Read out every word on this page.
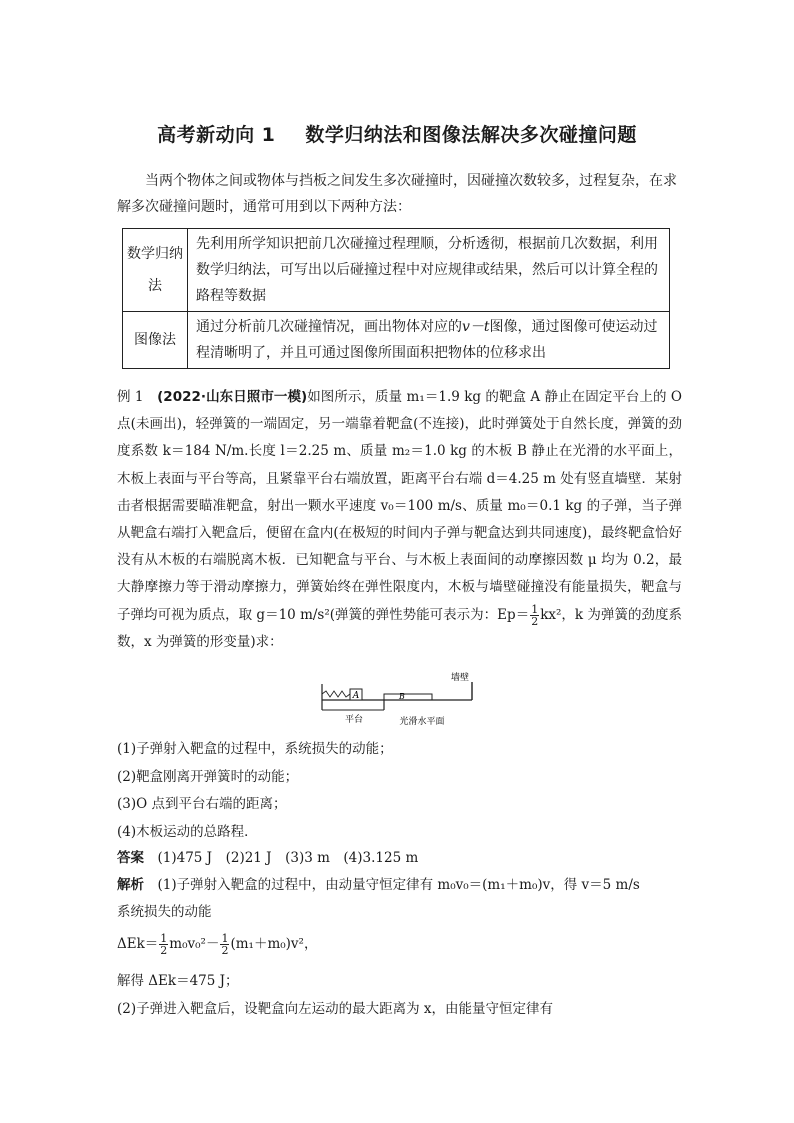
高考新动向 1 数学归纳法和图像法解决多次碰撞问题
当两个物体之间或物体与挡板之间发生多次碰撞时，因碰撞次数较多，过程复杂，在求解多次碰撞问题时，通常可用到以下两种方法：
数学归纳法	先利用所学知识把前几次碰撞过程理顺，分析透彻，根据前几次数据，利用数学归纳法，可写出以后碰撞过程中对应规律或结果，然后可以计算全程的路程等数据
图像法	通过分析前几次碰撞情况，画出物体对应的v－t图像，通过图像可使运动过程清晰明了，并且可通过图像所围面积把物体的位移求出
例 1　 (2022·山东日照市一模)如图所示，质量 m₁＝1.9 kg 的靶盒 A 静止在固定平台上的 O 点(未画出)，轻弹簧的一端固定，另一端靠着靶盒(不连接)，此时弹簧处于自然长度，弹簧的劲度系数 k＝184 N/m.长度 l＝2.25 m、质量 m₂＝1.0 kg 的木板 B 静止在光滑的水平面上，木板上表面与平台等高，且紧靠平台右端放置，距离平台右端 d＝4.25 m 处有竖直墙壁．某射击者根据需要瞄准靶盒，射出一颗水平速度 v₀＝100 m/s、质量 m₀＝0.1 kg 的子弹，当子弹从靶盒右端打入靶盒后，便留在盒内(在极短的时间内子弹与靶盒达到共同速度)，最终靶盒恰好没有从木板的右端脱离木板．已知靶盒与平台、与木板上表面间的动摩擦因数 μ 均为 0.2，最大静摩擦力等于滑动摩擦力，弹簧始终在弹性限度内，木板与墙壁碰撞没有能量损失，靶盒与子弹均可视为质点，取 g＝10 m/s²(弹簧的弹性势能可表示为：$Ep= \frac{1}{2} kx^2$，k 为弹簧的劲度系数，x 为弹簧的形变量)求：
A	B
墙壁
平台	光滑水平面
(1)子弹射入靶盒的过程中，系统损失的动能；
(2)靶盒刚离开弹簧时的动能；
(3)O 点到平台右端的距离；
(4)木板运动的总路程．
答案　 (1)475 J　(2)21 J　(3)3 m　(4)3.125 m
解析　 (1)子弹射入靶盒的过程中，由动量守恒定律有 m₀v₀＝(m₁＋m₀)v，得 v＝5 m/s
系统损失的动能
$\Delta Ek= \frac{1}{2} m_0v_0^2- \frac{1}{2} (m_1+m_0)v^2$，
解得 ΔEk＝475 J；
(2)子弹进入靶盒后，设靶盒向左运动的最大距离为 x，由能量守恒定律有
